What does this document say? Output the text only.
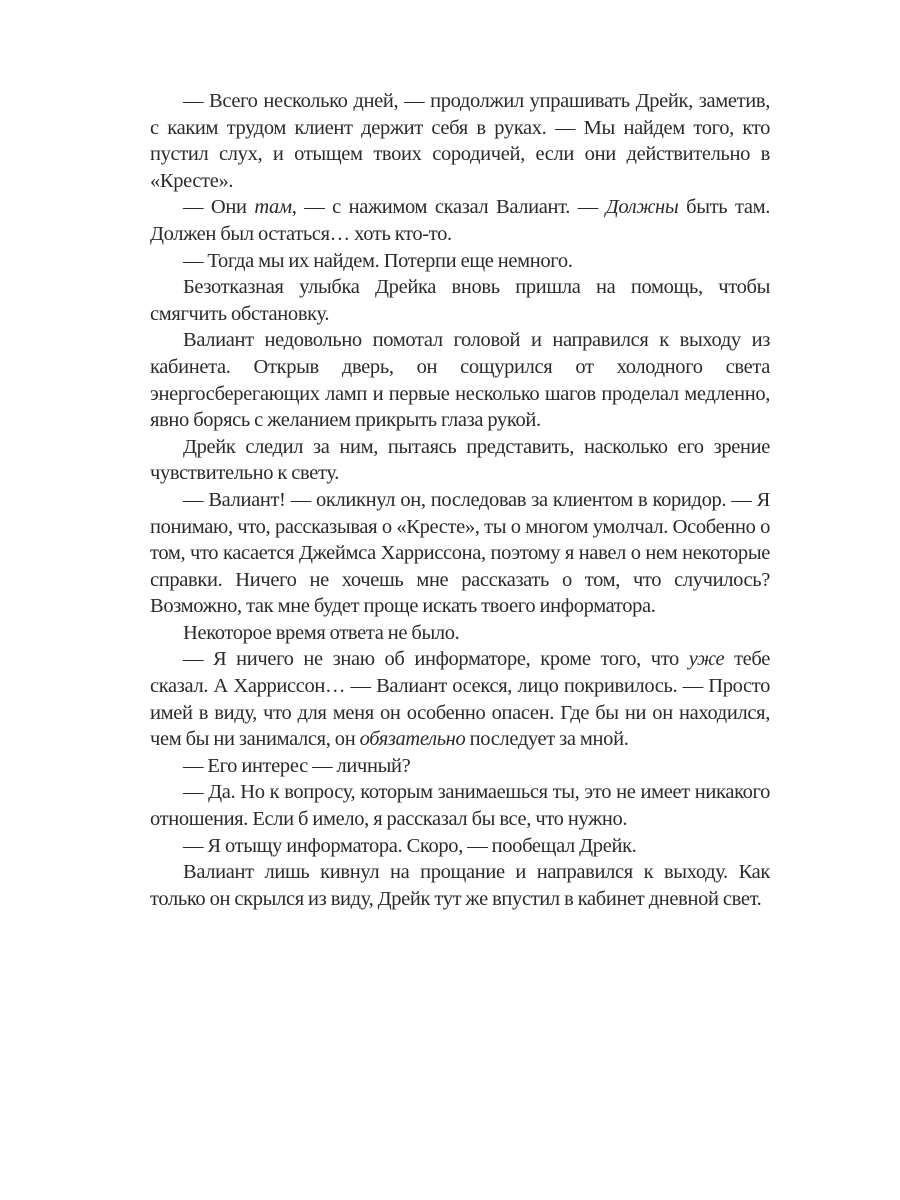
— Всего несколько дней, — продолжил упрашивать Дрейк, заметив, с каким трудом клиент держит себя в руках. — Мы найдем того, кто пустил слух, и отыщем твоих сородичей, если они действительно в «Кресте».

— Они там, — с нажимом сказал Валиант. — Должны быть там. Должен был остаться… хоть кто-то.

— Тогда мы их найдем. Потерпи еще немного.

Безотказная улыбка Дрейка вновь пришла на помощь, чтобы смягчить обстановку.

Валиант недовольно помотал головой и направился к выходу из кабинета. Открыв дверь, он сощурился от холодного света энергосберегающих ламп и первые несколько шагов проделал медленно, явно борясь с желанием прикрыть глаза рукой.

Дрейк следил за ним, пытаясь представить, насколько его зрение чувствительно к свету.

— Валиант! — окликнул он, последовав за клиентом в коридор. — Я понимаю, что, рассказывая о «Кресте», ты о многом умолчал. Особенно о том, что касается Джеймса Харриссона, поэтому я навел о нем некоторые справки. Ничего не хочешь мне рассказать о том, что случилось? Возможно, так мне будет проще искать твоего информатора.

Некоторое время ответа не было.

— Я ничего не знаю об информаторе, кроме того, что уже тебе сказал. А Харриссон… — Валиант осекся, лицо покривилось. — Просто имей в виду, что для меня он особенно опасен. Где бы ни он находился, чем бы ни занимался, он обязательно последует за мной.

— Его интерес — личный?

— Да. Но к вопросу, которым занимаешься ты, это не имеет никакого отношения. Если б имело, я рассказал бы все, что нужно.

— Я отыщу информатора. Скоро, — пообещал Дрейк.

Валиант лишь кивнул на прощание и направился к выходу. Как только он скрылся из виду, Дрейк тут же впустил в кабинет дневной свет.
